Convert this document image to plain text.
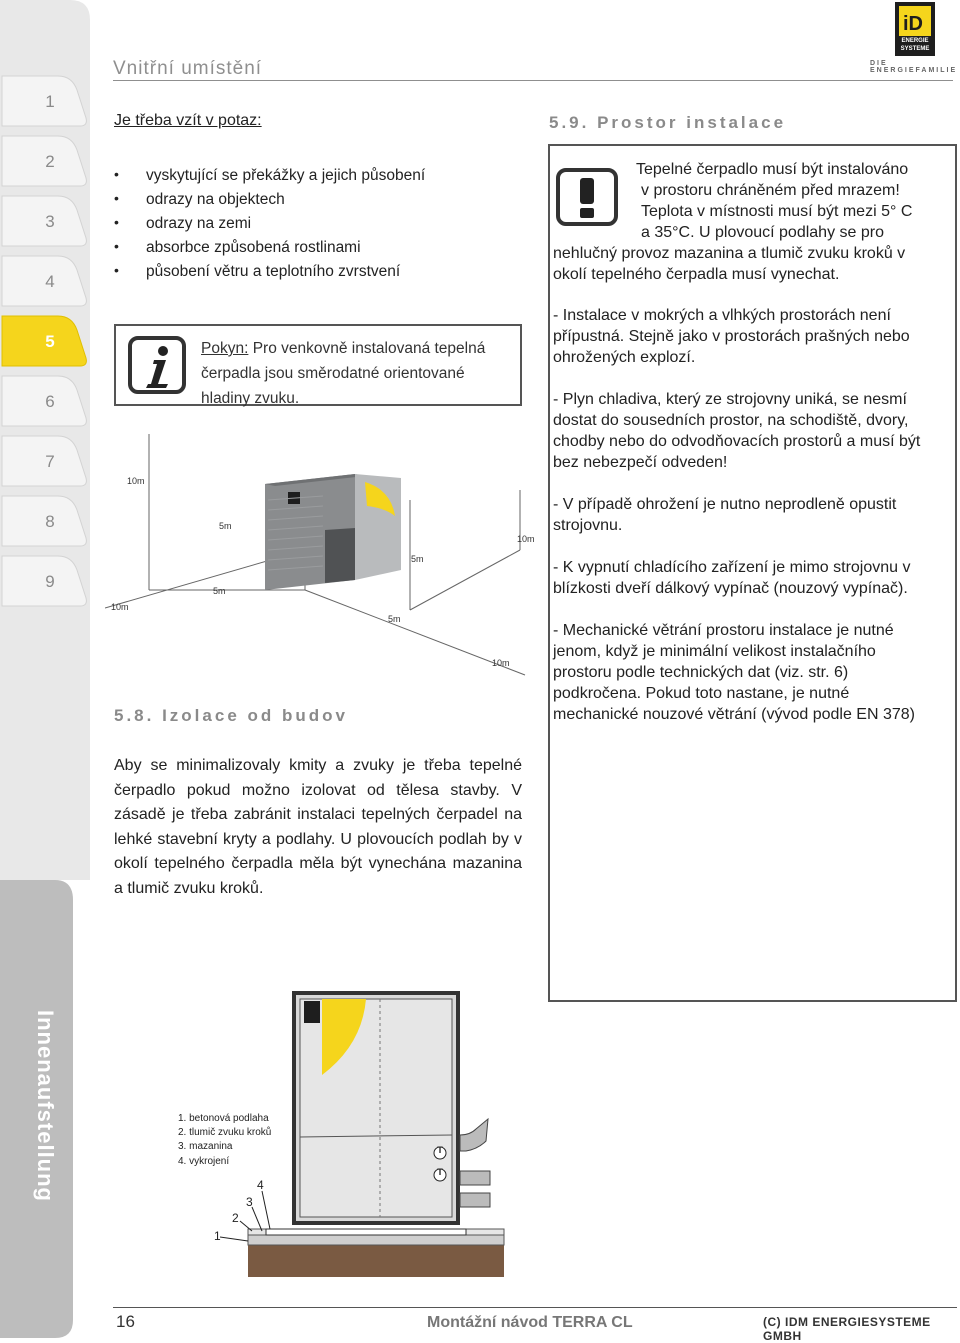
1
2
3
4
5
6
7
8
9
Innenaufstellung
Vnitřní umístění
iD
ENERGIE
SYSTEME
DIE ENERGIEFAMILIE
Je třeba vzít v potaz:
• vyskytující se překážky a jejich působení
• odrazy na objektech
• odrazy na zemi
• absorbce způsobená rostlinami
• působení větru a teplotního zvrstvení
Pokyn: Pro venkovně instalovaná tepelná čerpadla jsou směrodatné orientované hladiny zvuku.
10m
5m
10m
5m
5m
10m
5m
10m
5.8. Izolace od budov
Aby se minimalizovaly kmity a zvuky je třeba tepelné čerpadlo pokud možno izolovat od tělesa stavby. V zásadě je třeba zabránit instalaci tepelných čerpadel na lehké stavební kryty a podlahy. U plovoucích podlah by v okolí tepelného čerpadla měla být vynechána mazanina a tlumič zvuku kroků.
T
T
1. betonová podlaha
2. tlumič zvuku kroků
3. mazanina
4. vykrojení
1
2
3
4
5.9. Prostor instalace
Tepelné čerpadlo musí být instalováno
v prostoru chráněném před mrazem!
Teplota v místnosti musí být mezi 5° C
a 35°C. U plovoucí podlahy se pro
nehlučný provoz mazanina a tlumič zvuku kroků v
okolí tepelného čerpadla musí vynechat.
- Instalace v mokrých a vlhkých prostorách není
přípustná. Stejně jako v prostorách prašných nebo
ohrožených explozí.
- Plyn chladiva, který ze strojovny uniká, se nesmí
dostat do sousedních prostor, na schodiště, dvory,
chodby nebo do odvodňovacích prostorů a musí být
bez nebezpečí odveden!
- V případě ohrožení je nutno neprodleně opustit
strojovnu.
- K vypnutí chladícího zařízení je mimo strojovnu v
blízkosti dveří dálkový vypínač (nouzový vypínač).
- Mechanické větrání prostoru instalace je nutné
jenom, když je minimální velikost instalačního
prostoru podle technických dat (viz. str. 6)
podkročena. Pokud toto nastane, je nutné
mechanické nouzové větrání (vývod podle EN 378)
16	Montážní návod TERRA CL	(C) IDM ENERGIESYSTEME GMBH
